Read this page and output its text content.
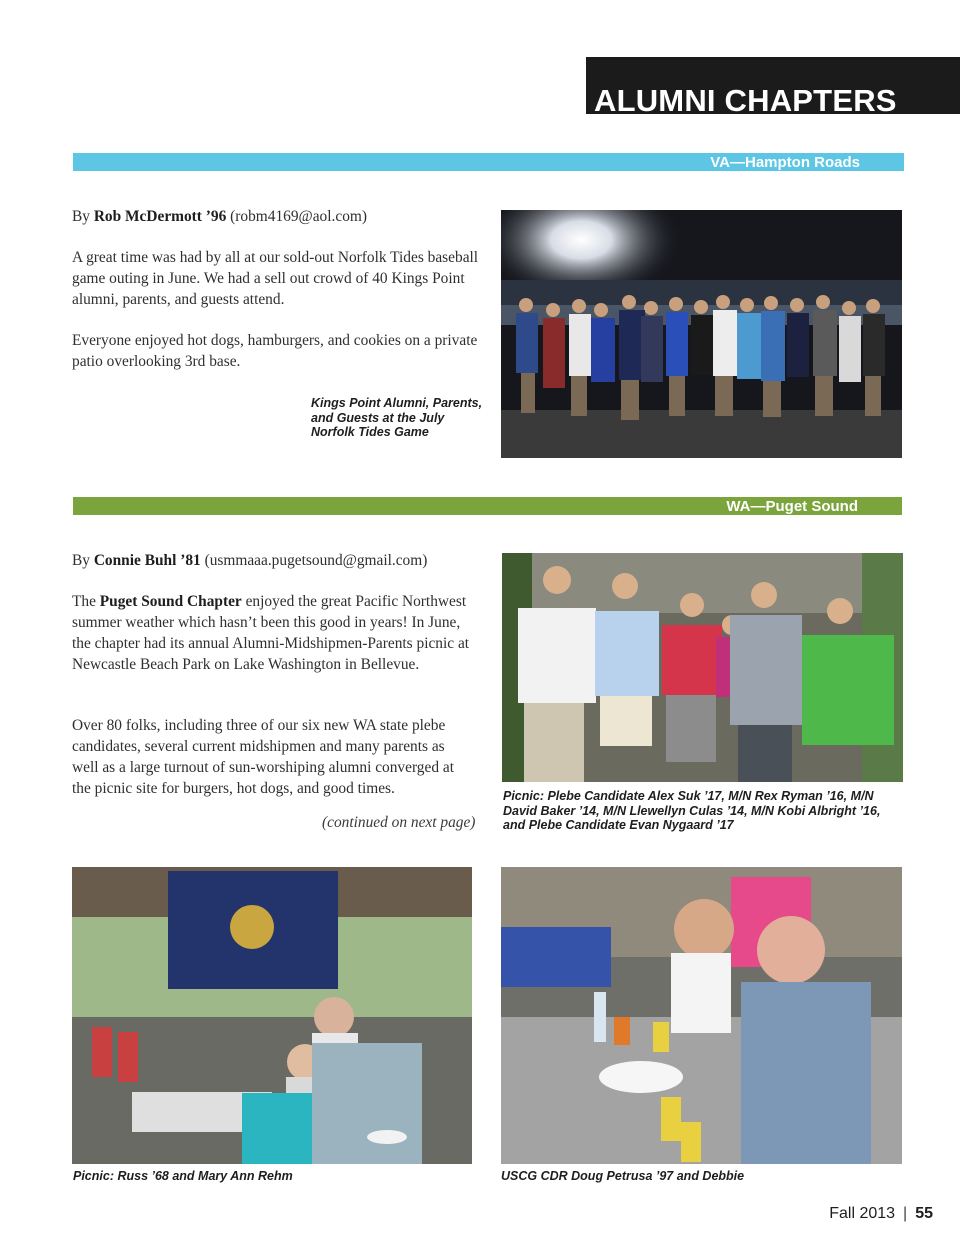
ALUMNI CHAPTERS
VA—Hampton Roads

By Rob McDermott ’96 (robm4169@aol.com)

A great time was had by all at our sold-out Norfolk Tides baseball game outing in June. We had a sell out crowd of 40 Kings Point alumni, parents, and guests attend.

Everyone enjoyed hot dogs, hamburgers, and cookies on a private patio overlooking 3rd base.

Kings Point Alumni, Parents, and Guests at the July Norfolk Tides Game
WA—Puget Sound

By Connie Buhl ’81 (usmmaaa.pugetsound@gmail.com)

The Puget Sound Chapter enjoyed the great Pacific Northwest summer weather which hasn’t been this good in years! In June, the chapter had its annual Alumni-Midshipmen-Parents picnic at Newcastle Beach Park on Lake Washington in Bellevue.

Over 80 folks, including three of our six new WA state plebe candidates, several current midshipmen and many parents as well as a large turnout of sun-worshiping alumni converged at the picnic site for burgers, hot dogs, and good times.

(continued on next page)
Picnic: Plebe Candidate Alex Suk ’17, M/N Rex Ryman ’16, M/N David Baker ’14, M/N Llewellyn Culas ’14, M/N Kobi Albright ’16, and Plebe Candidate Evan Nygaard ’17
Picnic: Russ ’68 and Mary Ann Rehm	USCG CDR Doug Petrusa ’97 and Debbie
Fall 2013 | 55
